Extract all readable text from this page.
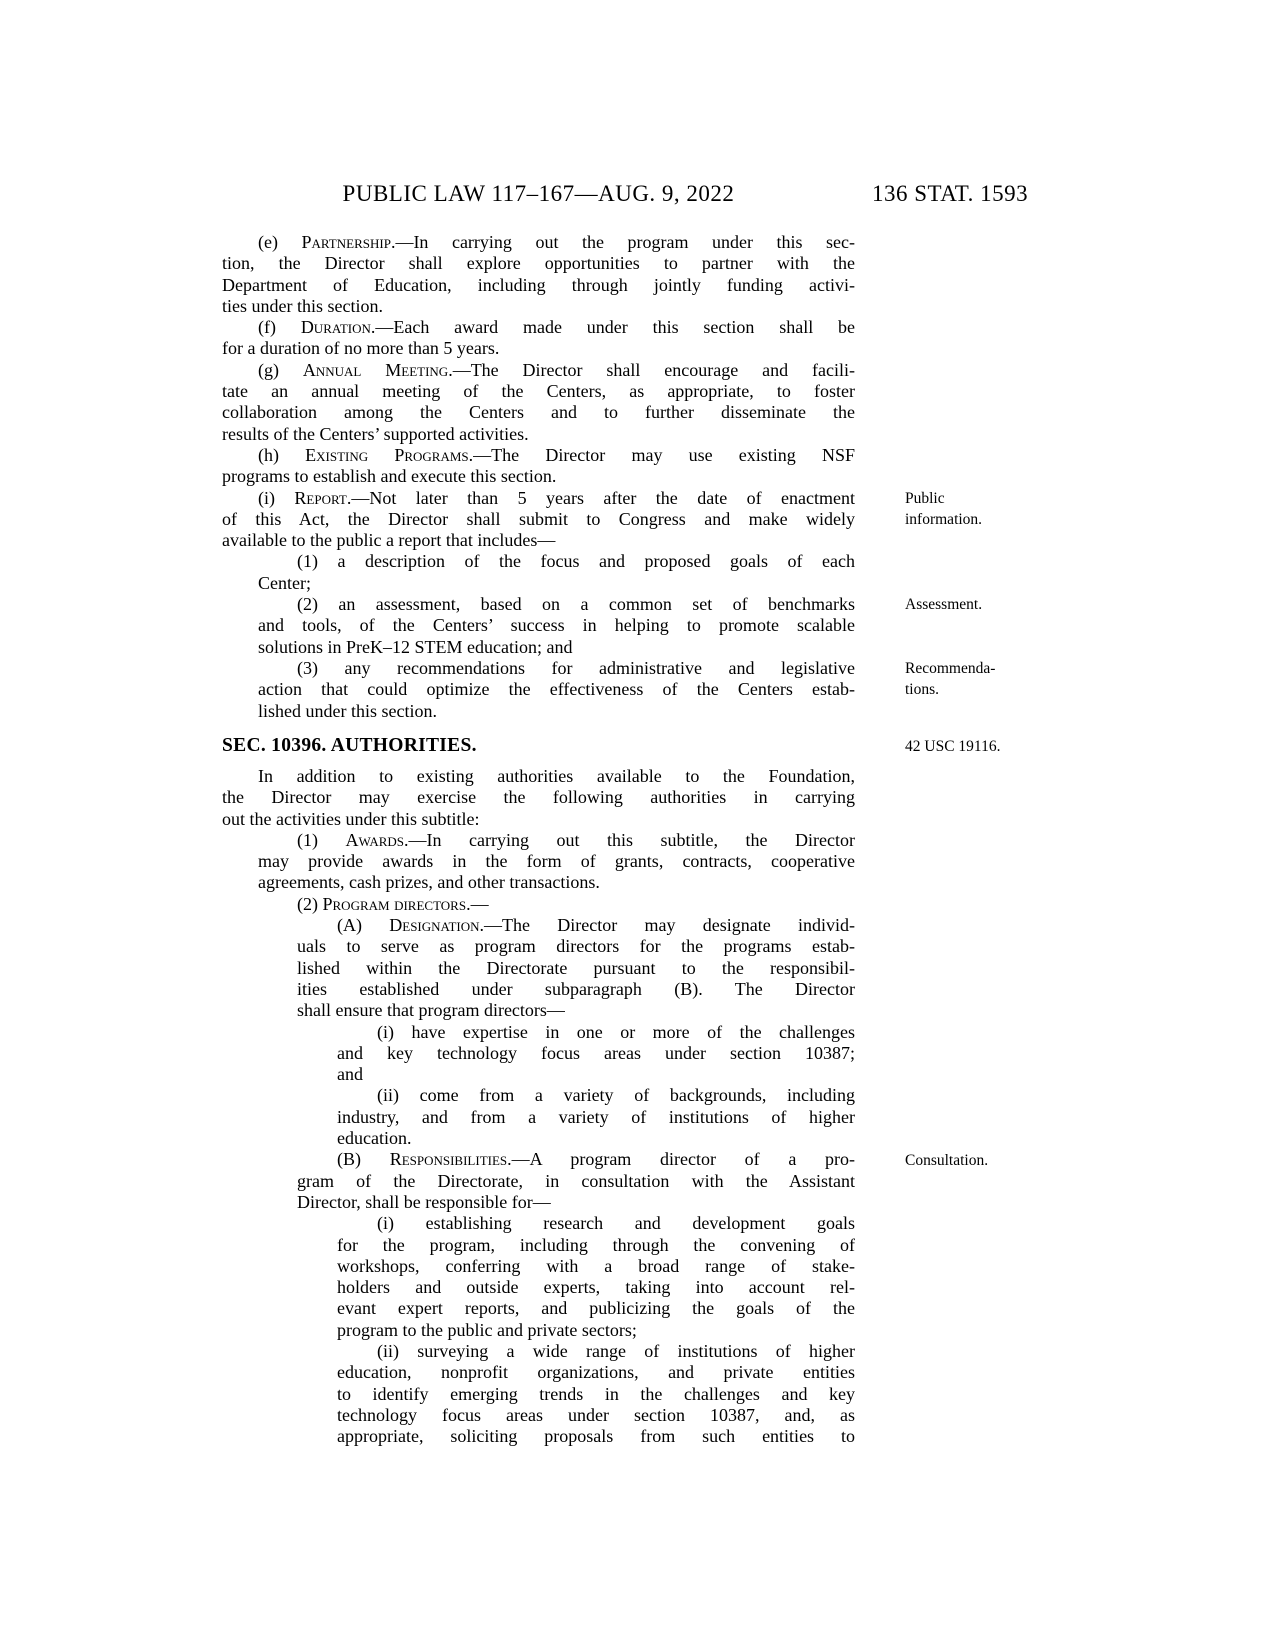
PUBLIC LAW 117–167—AUG. 9, 2022	136 STAT. 1593
(e) Partnership.—In carrying out the program under this sec-
tion, the Director shall explore opportunities to partner with the
Department of Education, including through jointly funding activi-
ties under this section.
(f) Duration.—Each award made under this section shall be
for a duration of no more than 5 years.
(g) Annual Meeting.—The Director shall encourage and facili-
tate an annual meeting of the Centers, as appropriate, to foster
collaboration among the Centers and to further disseminate the
results of the Centers’ supported activities.
(h) Existing Programs.—The Director may use existing NSF
programs to establish and execute this section.
(i) Report.—Not later than 5 years after the date of enactment
of this Act, the Director shall submit to Congress and make widely
available to the public a report that includes—
(1) a description of the focus and proposed goals of each
Center;
(2) an assessment, based on a common set of benchmarks
and tools, of the Centers’ success in helping to promote scalable
solutions in PreK–12 STEM education; and
(3) any recommendations for administrative and legislative
action that could optimize the effectiveness of the Centers estab-
lished under this section.
SEC. 10396. AUTHORITIES.
In addition to existing authorities available to the Foundation,
the Director may exercise the following authorities in carrying
out the activities under this subtitle:
(1) Awards.—In carrying out this subtitle, the Director
may provide awards in the form of grants, contracts, cooperative
agreements, cash prizes, and other transactions.
(2) Program directors.—
(A) Designation.—The Director may designate individ-
uals to serve as program directors for the programs estab-
lished within the Directorate pursuant to the responsibil-
ities established under subparagraph (B). The Director
shall ensure that program directors—
(i) have expertise in one or more of the challenges
and key technology focus areas under section 10387;
and
(ii) come from a variety of backgrounds, including
industry, and from a variety of institutions of higher
education.
(B) Responsibilities.—A program director of a pro-
gram of the Directorate, in consultation with the Assistant
Director, shall be responsible for—
(i) establishing research and development goals
for the program, including through the convening of
workshops, conferring with a broad range of stake-
holders and outside experts, taking into account rel-
evant expert reports, and publicizing the goals of the
program to the public and private sectors;
(ii) surveying a wide range of institutions of higher
education, nonprofit organizations, and private entities
to identify emerging trends in the challenges and key
technology focus areas under section 10387, and, as
appropriate, soliciting proposals from such entities to
Public
information.
Assessment.
Recommenda-
tions.
42 USC 19116.
Consultation.
